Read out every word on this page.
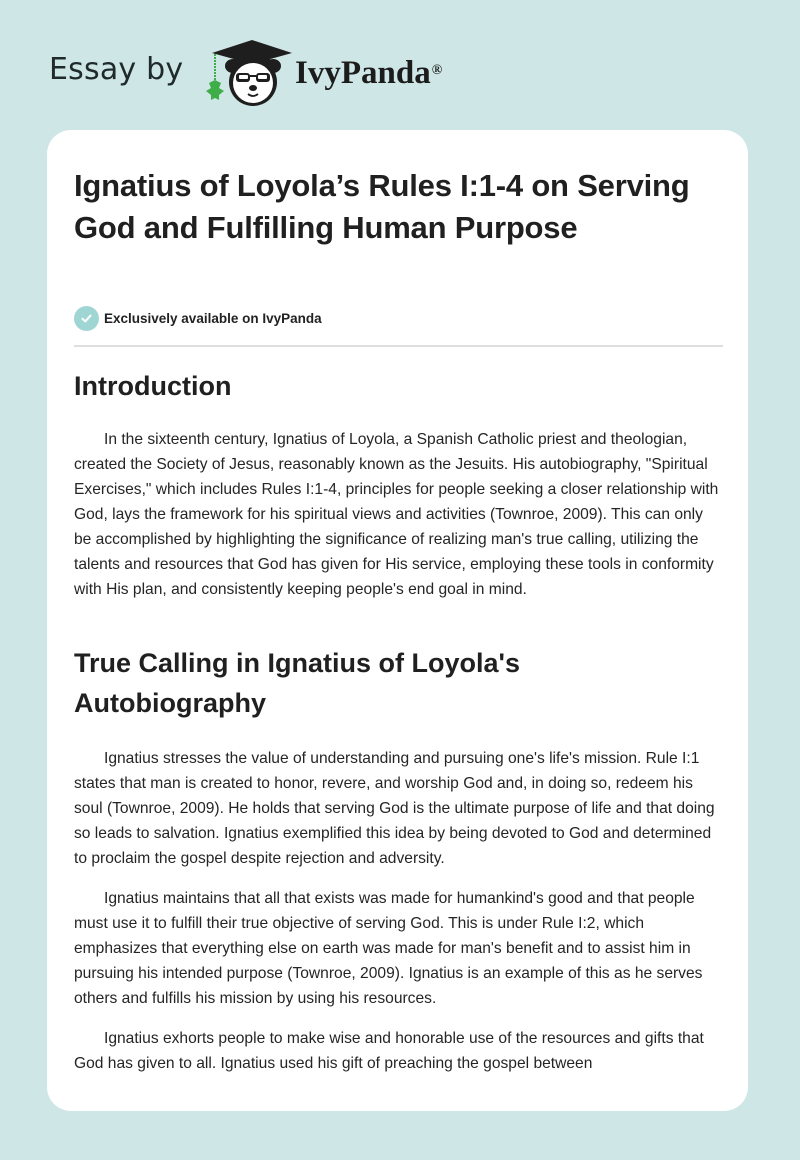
Essay by	IvyPanda®
Ignatius of Loyola’s Rules I:1-4 on Serving God and Fulfilling Human Purpose
Exclusively available on IvyPanda
Introduction

In the sixteenth century, Ignatius of Loyola, a Spanish Catholic priest and theologian, created the Society of Jesus, reasonably known as the Jesuits. His autobiography, "Spiritual Exercises," which includes Rules I:1-4, principles for people seeking a closer relationship with God, lays the framework for his spiritual views and activities (Townroe, 2009). This can only be accomplished by highlighting the significance of realizing man's true calling, utilizing the talents and resources that God has given for His service, employing these tools in conformity with His plan, and consistently keeping people's end goal in mind.

True Calling in Ignatius of Loyola's Autobiography

Ignatius stresses the value of understanding and pursuing one's life's mission. Rule I:1 states that man is created to honor, revere, and worship God and, in doing so, redeem his soul (Townroe, 2009). He holds that serving God is the ultimate purpose of life and that doing so leads to salvation. Ignatius exemplified this idea by being devoted to God and determined to proclaim the gospel despite rejection and adversity.

Ignatius maintains that all that exists was made for humankind's good and that people must use it to fulfill their true objective of serving God. This is under Rule I:2, which emphasizes that everything else on earth was made for man's benefit and to assist him in pursuing his intended purpose (Townroe, 2009). Ignatius is an example of this as he serves others and fulfills his mission by using his resources.

Ignatius exhorts people to make wise and honorable use of the resources and gifts that God has given to all. Ignatius used his gift of preaching the gospel between
